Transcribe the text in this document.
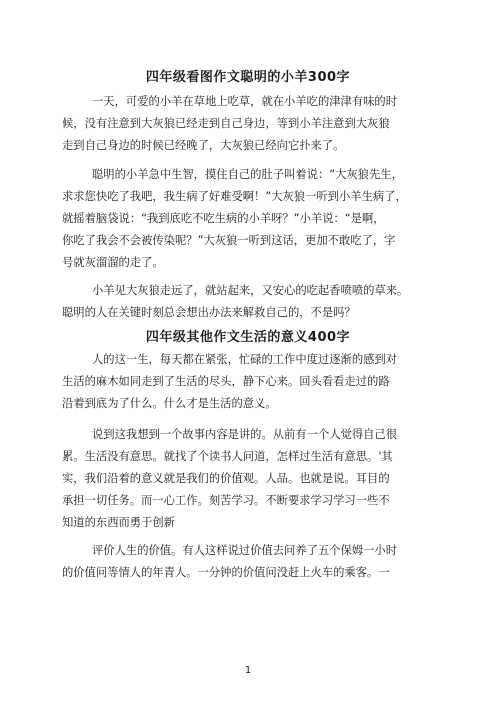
四年级看图作文聪明的小羊300字
一天，可爱的小羊在草地上吃草，就在小羊吃的津津有味的时
候，没有注意到大灰狼已经走到自己身边，等到小羊注意到大灰狼
走到自己身边的时候已经晚了，大灰狼已经向它扑来了。
聪明的小羊急中生智，摸住自己的肚子叫着说：“大灰狼先生，
求求您快吃了我吧，我生病了好难受啊！”大灰狼一听到小羊生病了，
就摇着脑袋说：“我到底吃不吃生病的小羊呀？”小羊说：“是啊，
你吃了我会不会被传染呢？”大灰狼一听到这话，更加不敢吃了，字
号就灰溜溜的走了。
小羊见大灰狼走远了，就站起来，又安心的吃起香喷喷的草来。
聪明的人在关键时刻总会想出办法来解救自己的，不是吗？
四年级其他作文生活的意义400字
人的这一生，每天都在紧张，忙碌的工作中度过逐渐的感到对
生活的麻木如同走到了生活的尽头，静下心来。回头看看走过的路
沿着到底为了什么。什么才是生活的意义。
说到这我想到一个故事内容是讲的。从前有一个人觉得自己很
累。生活没有意思。就找了个读书人问道，怎样过生活有意思。'其
实，我们沿着的意义就是我们的价值观。人品。也就是说。耳目的
承担一切任务。而一心工作。刻苦学习。不断要求学习学习一些不
知道的东西而勇于创新
评价人生的价值。有人这样说过价值去问养了五个保姆一小时
的价值问等情人的年青人。一分钟的价值问没赶上火车的乘客。一
1
